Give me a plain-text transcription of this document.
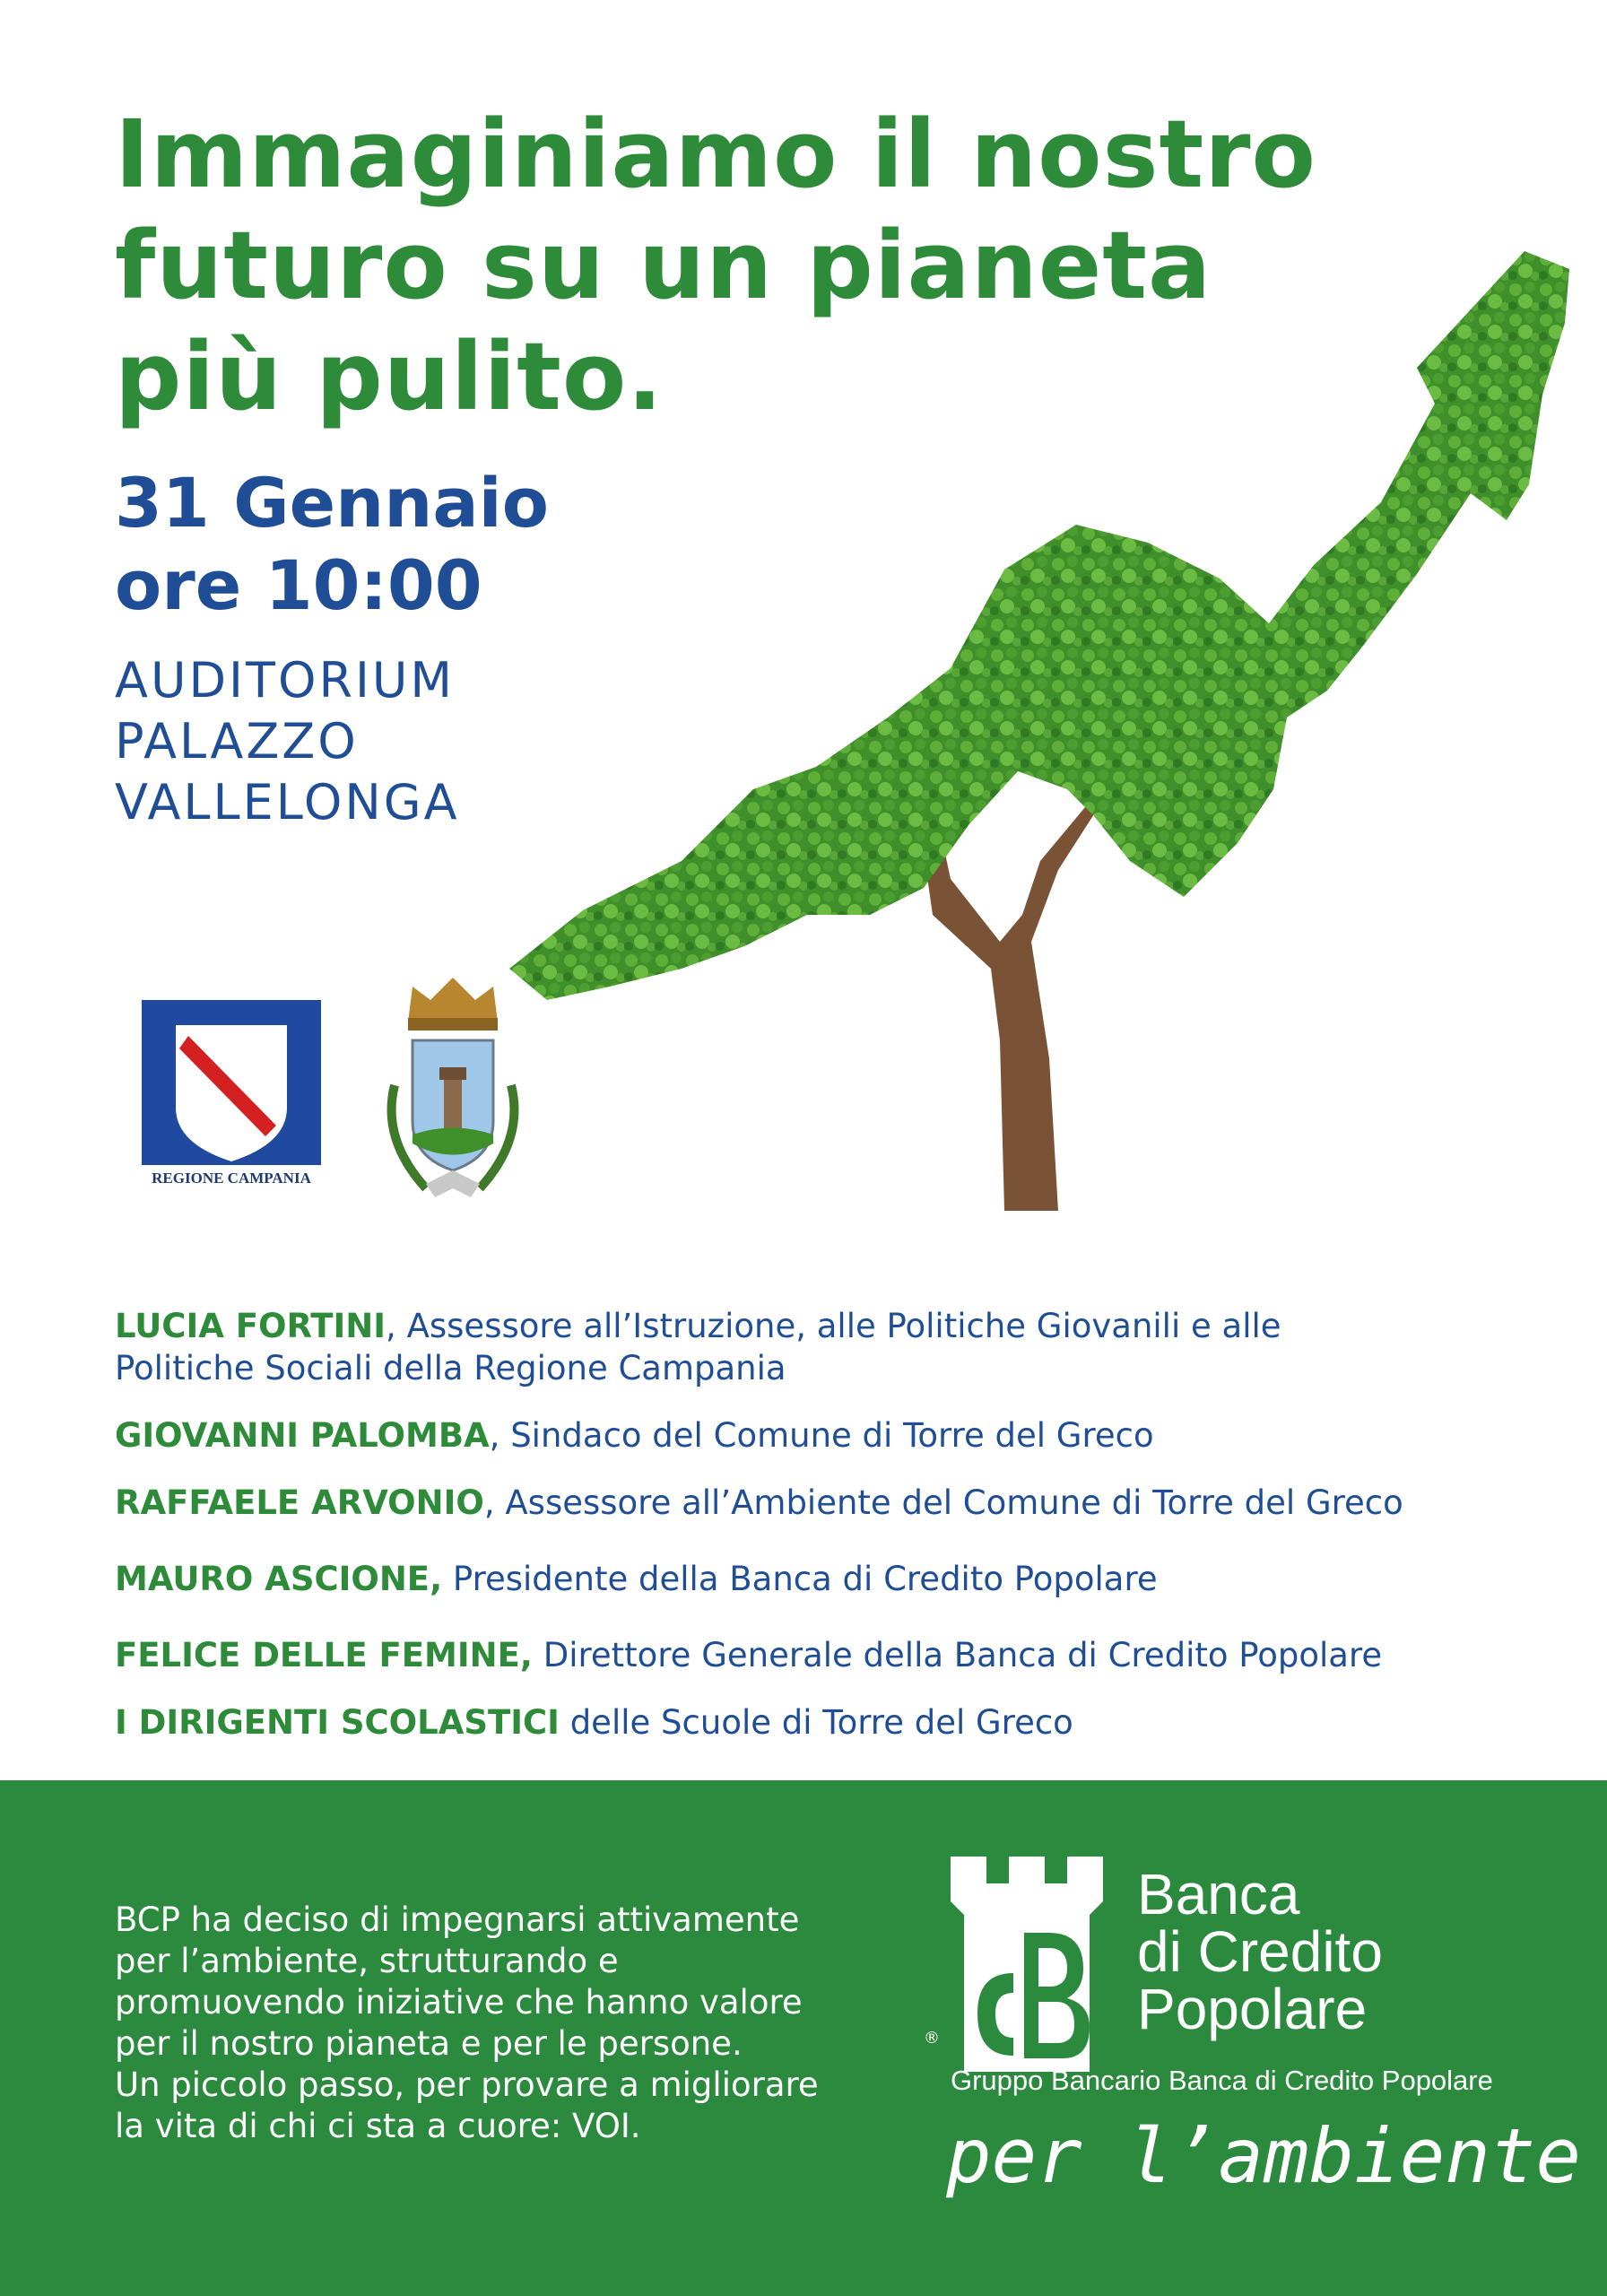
Immaginiamo il nostro
futuro su un pianeta
più pulito.
31 Gennaio
ore 10:00
AUDITORIUM
PALAZZO
VALLELONGA
REGIONE CAMPANIA

LUCIA FORTINI, Assessore all’Istruzione, alle Politiche Giovanili e alle
Politiche Sociali della Regione Campania

GIOVANNI PALOMBA, Sindaco del Comune di Torre del Greco

RAFFAELE ARVONIO, Assessore all’Ambiente del Comune di Torre del Greco

MAURO ASCIONE, Presidente della Banca di Credito Popolare

FELICE DELLE FEMINE, Direttore Generale della Banca di Credito Popolare

I DIRIGENTI SCOLASTICI delle Scuole di Torre del Greco

BCP ha deciso di impegnarsi attivamente
per l’ambiente, strutturando e
promuovendo iniziative che hanno valore
per il nostro pianeta e per le persone.
Un piccolo passo, per provare a migliorare
la vita di chi ci sta a cuore: VOI.
®
Banca
di Credito
Popolare
Gruppo Bancario Banca di Credito Popolare
per l’ambiente
